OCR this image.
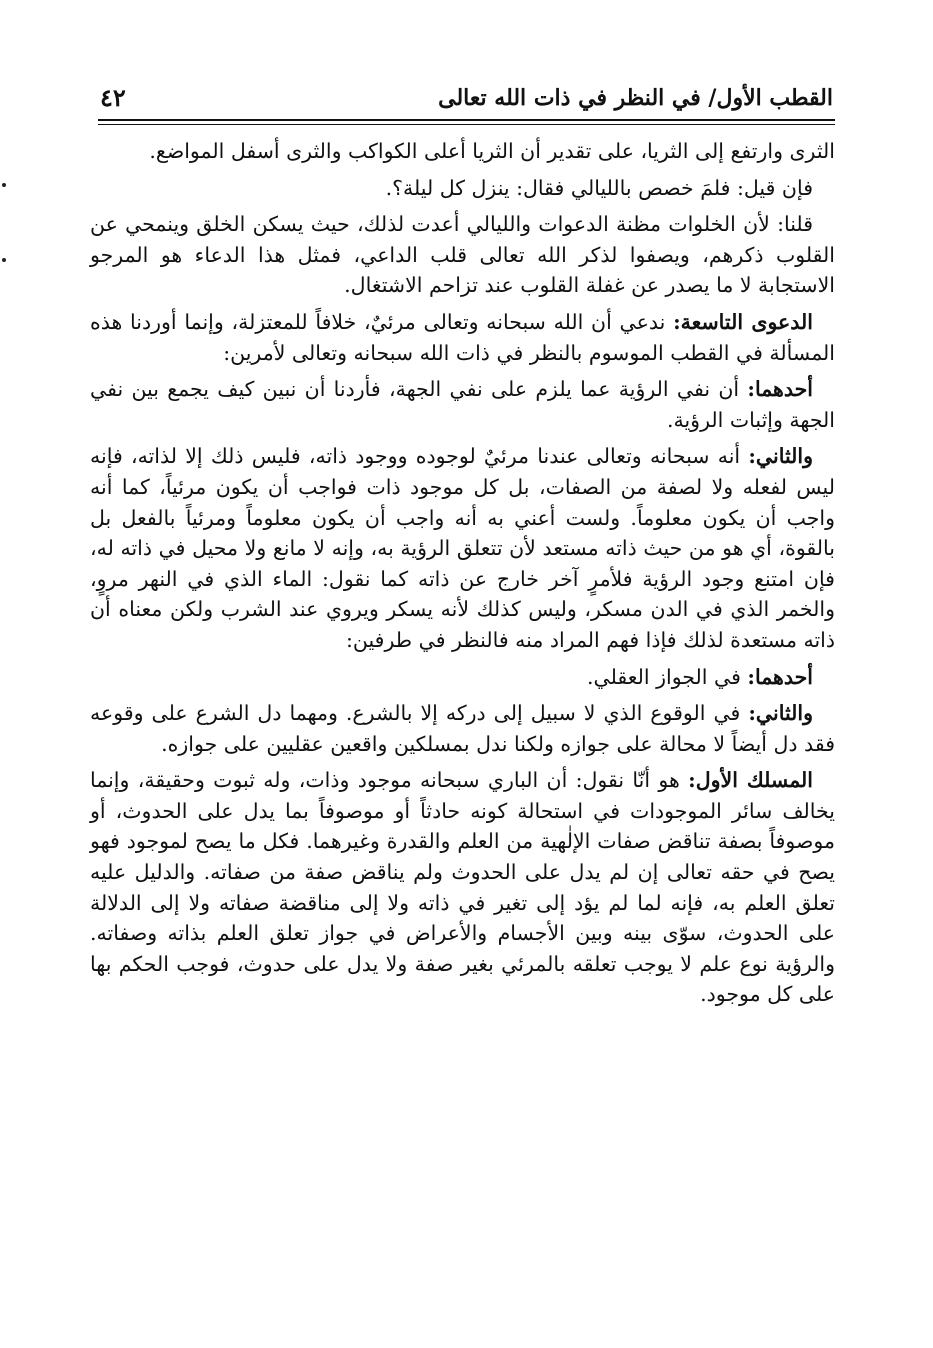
القطب الأول/ في النظر في ذات الله تعالى
٤٢

الثرى وارتفع إلى الثريا، على تقدير أن الثريا أعلى الكواكب والثرى أسفل المواضع.

فإن قيل: فلمَ خصص بالليالي فقال: ينزل كل ليلة؟.

قلنا: لأن الخلوات مظنة الدعوات والليالي أعدت لذلك، حيث يسكن الخلق وينمحي عن القلوب ذكرهم، ويصفوا لذكر الله تعالى قلب الداعي، فمثل هذا الدعاء هو المرجو الاستجابة لا ما يصدر عن غفلة القلوب عند تزاحم الاشتغال.

الدعوى التاسعة: ندعي أن الله سبحانه وتعالى مرئيٌ، خلافاً للمعتزلة، وإنما أوردنا هذه المسألة في القطب الموسوم بالنظر في ذات الله سبحانه وتعالى لأمرين:

أحدهما: أن نفي الرؤية عما يلزم على نفي الجهة، فأردنا أن نبين كيف يجمع بين نفي الجهة وإثبات الرؤية.

والثاني: أنه سبحانه وتعالى عندنا مرئيٌ لوجوده ووجود ذاته، فليس ذلك إلا لذاته، فإنه ليس لفعله ولا لصفة من الصفات، بل كل موجود ذات فواجب أن يكون مرئياً، كما أنه واجب أن يكون معلوماً. ولست أعني به أنه واجب أن يكون معلوماً ومرئياً بالفعل بل بالقوة، أي هو من حيث ذاته مستعد لأن تتعلق الرؤية به، وإنه لا مانع ولا محيل في ذاته له، فإن امتنع وجود الرؤية فلأمرٍ آخر خارج عن ذاته كما نقول: الماء الذي في النهر مروٍ، والخمر الذي في الدن مسكر، وليس كذلك لأنه يسكر ويروي عند الشرب ولكن معناه أن ذاته مستعدة لذلك فإذا فهم المراد منه فالنظر في طرفين:

أحدهما: في الجواز العقلي.

والثاني: في الوقوع الذي لا سبيل إلى دركه إلا بالشرع. ومهما دل الشرع على وقوعه فقد دل أيضاً لا محالة على جوازه ولكنا ندل بمسلكين واقعين عقليين على جوازه.

المسلك الأول: هو أنّا نقول: أن الباري سبحانه موجود وذات، وله ثبوت وحقيقة، وإنما يخالف سائر الموجودات في استحالة كونه حادثاً أو موصوفاً بما يدل على الحدوث، أو موصوفاً بصفة تناقض صفات الإلٰهية من العلم والقدرة وغيرهما. فكل ما يصح لموجود فهو يصح في حقه تعالى إن لم يدل على الحدوث ولم يناقض صفة من صفاته. والدليل عليه تعلق العلم به، فإنه لما لم يؤد إلى تغير في ذاته ولا إلى مناقضة صفاته ولا إلى الدلالة على الحدوث، سوّى بينه وبين الأجسام والأعراض في جواز تعلق العلم بذاته وصفاته. والرؤية نوع علم لا يوجب تعلقه بالمرئي بغير صفة ولا يدل على حدوث، فوجب الحكم بها على كل موجود.
